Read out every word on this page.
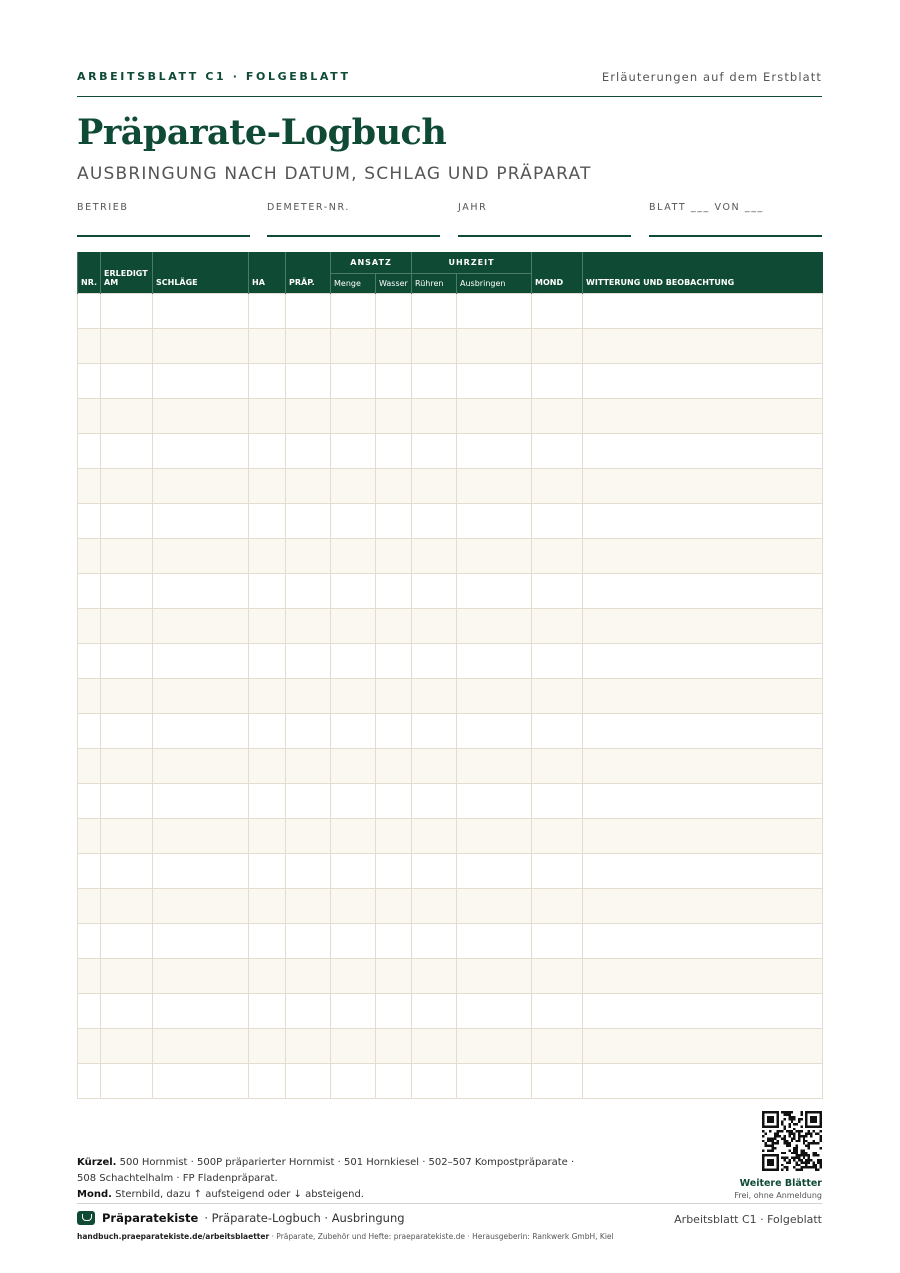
ARBEITSBLATT C1 · FOLGEBLATT	Erläuterungen auf dem Erstblatt
Präparate-Logbuch
AUSBRINGUNG NACH DATUM, SCHLAG UND PRÄPARAT
BETRIEB	DEMETER-NR.	JAHR	BLATT ___ VON ___
NR.	ERLEDIGT AM	SCHLÄGE	HA	PRÄP.	ANSATZ		UHRZEIT		MOND	WITTERUNG UND BEOBACHTUNG
					Menge	Wasser	Rühren	Ausbringen		

Kürzel. 500 Hornmist · 500P präparierter Hornmist · 501 Hornkiesel · 502–507 Kompostpräparate ·
508 Schachtelhalm · FP Fladenpräparat.
Mond. Sternbild, dazu ↑ aufsteigend oder ↓ absteigend.
Weitere Blätter
Frei, ohne Anmeldung
Präparatekiste · Präparate-Logbuch · Ausbringung	Arbeitsblatt C1 · Folgeblatt
handbuch.praeparatekiste.de/arbeitsblaetter · Präparate, Zubehör und Hefte: praeparatekiste.de · Herausgeberin: Rankwerk GmbH, Kiel
